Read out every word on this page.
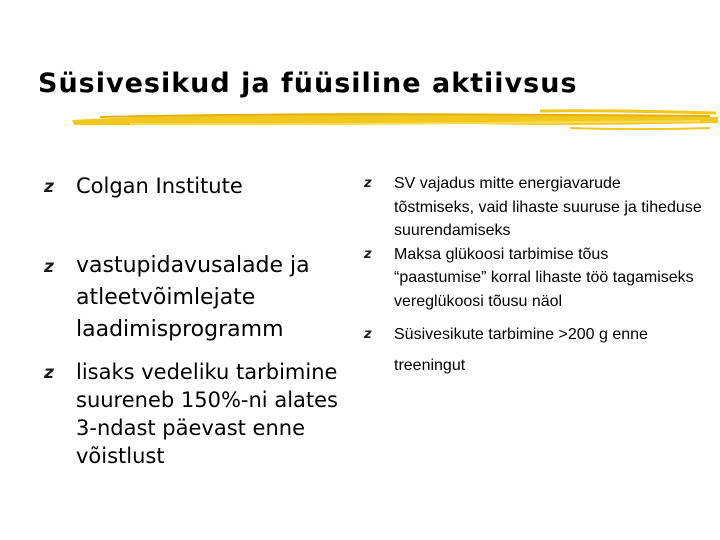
Süsivesikud ja füüsiline aktiivsus
z Colgan Institute
z vastupidavusalade ja atleetvõimlejate laadimisprogramm
z lisaks vedeliku tarbimine suureneb 150%-ni alates 3-ndast päevast enne võistlust
z SV vajadus mitte energiavarude tõstmiseks, vaid lihaste suuruse ja tiheduse suurendamiseks
z Maksa glükoosi tarbimise tõus “paastumise” korral lihaste töö tagamiseks vereglükoosi tõusu näol
z Süsivesikute tarbimine >200 g enne treeningut
